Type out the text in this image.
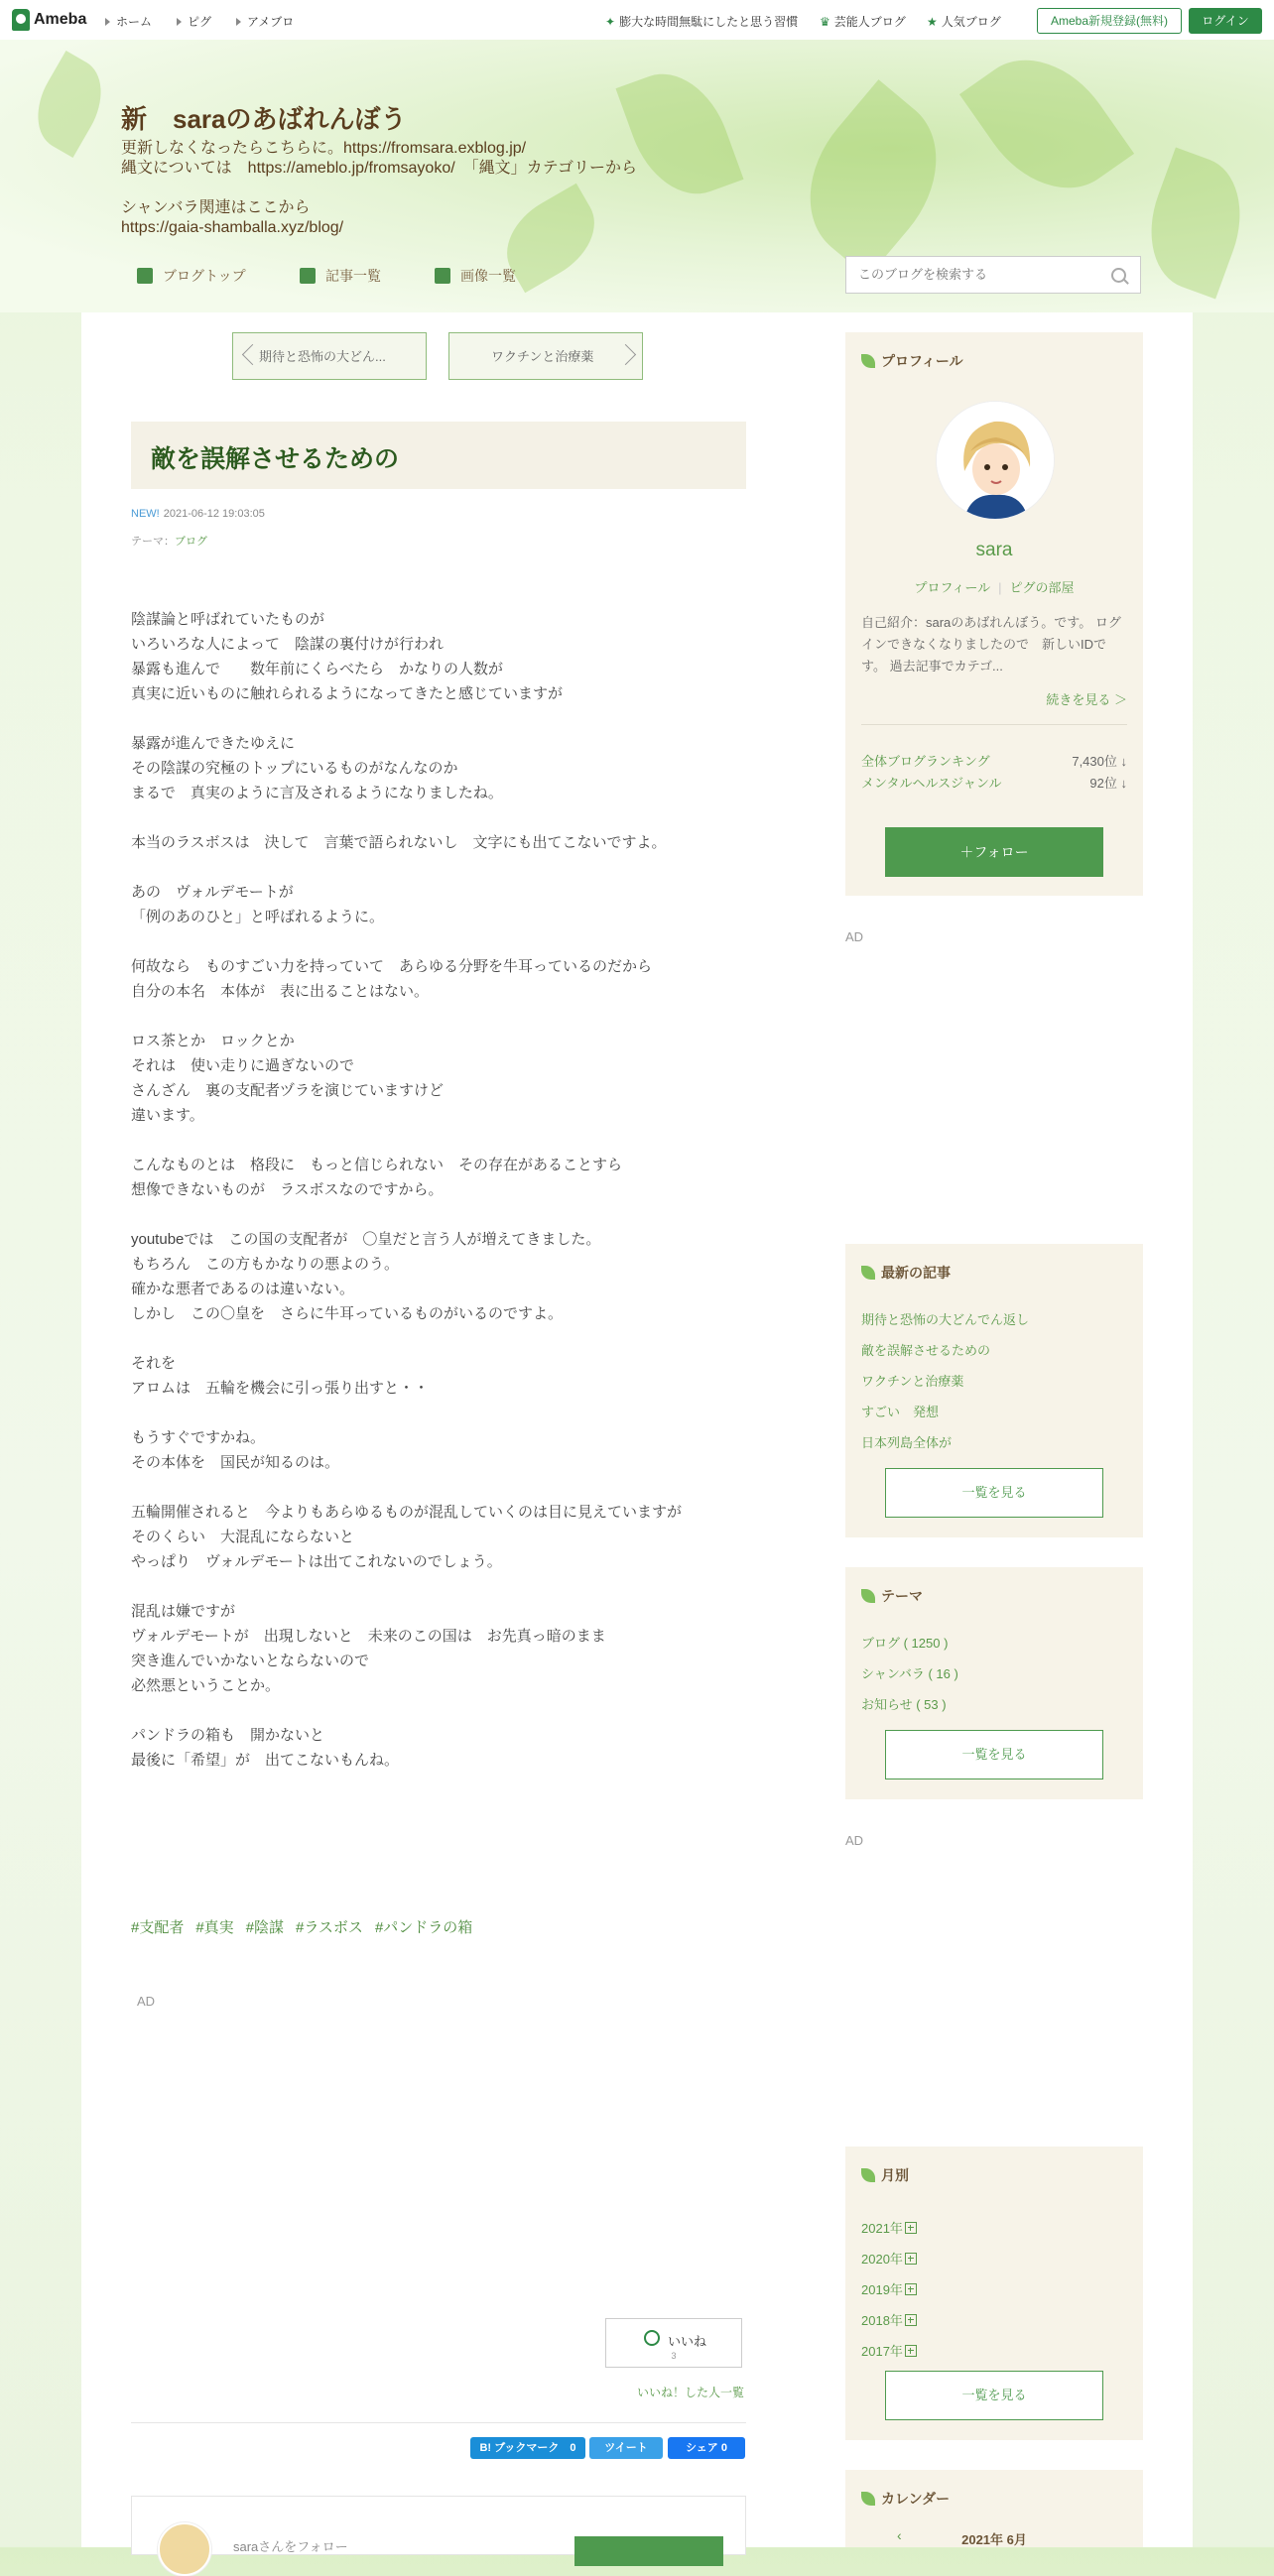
Ameba	ホーム	ピグ	アメブロ	✦ 膨大な時間無駄にしたと思う習慣 ♛ 芸能人ブログ ★ 人気ブログ	Ameba新規登録(無料)	ログイン
新　saraのあばれんぼう
更新しなくなったらこちらに。https://fromsara.exblog.jp/
縄文については　https://ameblo.jp/fromsayoko/　「縄文」カテゴリーから

シャンバラ関連はここから
https://gaia-shamballa.xyz/blog/
ブログトップ	記事一覧	画像一覧
このブログを検索する
期待と恐怖の大どん...	ワクチンと治療薬
敵を誤解させるための
NEW! 2021-06-12 19:03:05
テーマ：ブログ

陰謀論と呼ばれていたものが
いろいろな人によって　陰謀の裏付けが行われ
暴露も進んで　　数年前にくらべたら　かなりの人数が
真実に近いものに触れられるようになってきたと感じていますが

暴露が進んできたゆえに
その陰謀の究極のトップにいるものがなんなのか
まるで　真実のように言及されるようになりましたね。

本当のラスボスは　決して　言葉で語られないし　文字にも出てこないですよ。

あの　ヴォルデモートが
「例のあのひと」と呼ばれるように。

何故なら　ものすごい力を持っていて　あらゆる分野を牛耳っているのだから
自分の本名　本体が　表に出ることはない。

ロス茶とか　ロックとか
それは　使い走りに過ぎないので
さんざん　裏の支配者ヅラを演じていますけど
違います。

こんなものとは　格段に　もっと信じられない　その存在があることすら
想像できないものが　ラスボスなのですから。

youtubeでは　この国の支配者が　〇皇だと言う人が増えてきました。
もちろん　この方もかなりの悪よのう。
確かな悪者であるのは違いない。
しかし　この〇皇を　さらに牛耳っているものがいるのですよ。

それを
アロムは　五輪を機会に引っ張り出すと・・

もうすぐですかね。
その本体を　国民が知るのは。

五輪開催されると　今よりもあらゆるものが混乱していくのは目に見えていますが
そのくらい　大混乱にならないと
やっぱり　ヴォルデモートは出てこれないのでしょう。

混乱は嫌ですが
ヴォルデモートが　出現しないと　未来のこの国は　お先真っ暗のまま
突き進んでいかないとならないので
必然悪ということか。

パンドラの箱も　開かないと
最後に「希望」が　出てこないもんね。

#支配者 #真実 #陰謀 #ラスボス #パンドラの箱
AD
いいね
3
いいね！した人一覧
B! ブックマーク　0	ツイート	シェア 0
saraさんをフォロー
プロフィール
sara
プロフィール | ピグの部屋
自己紹介：saraのあばれんぼう。です。 ログインできなくなりましたので　新しいIDです。 過去記事でカテゴ...
続きを見る ＞
全体ブログランキング	7,430位 ↓
メンタルヘルスジャンル	92位 ↓
＋フォロー
AD
最新の記事
期待と恐怖の大どんでん返し
敵を誤解させるための
ワクチンと治療薬
すごい　発想
日本列島全体が
一覧を見る
テーマ
ブログ ( 1250 )
シャンバラ ( 16 )
お知らせ ( 53 )
一覧を見る
AD
月別
2021年
2020年
2019年
2018年
2017年
一覧を見る
カレンダー
‹	2021年 6月
